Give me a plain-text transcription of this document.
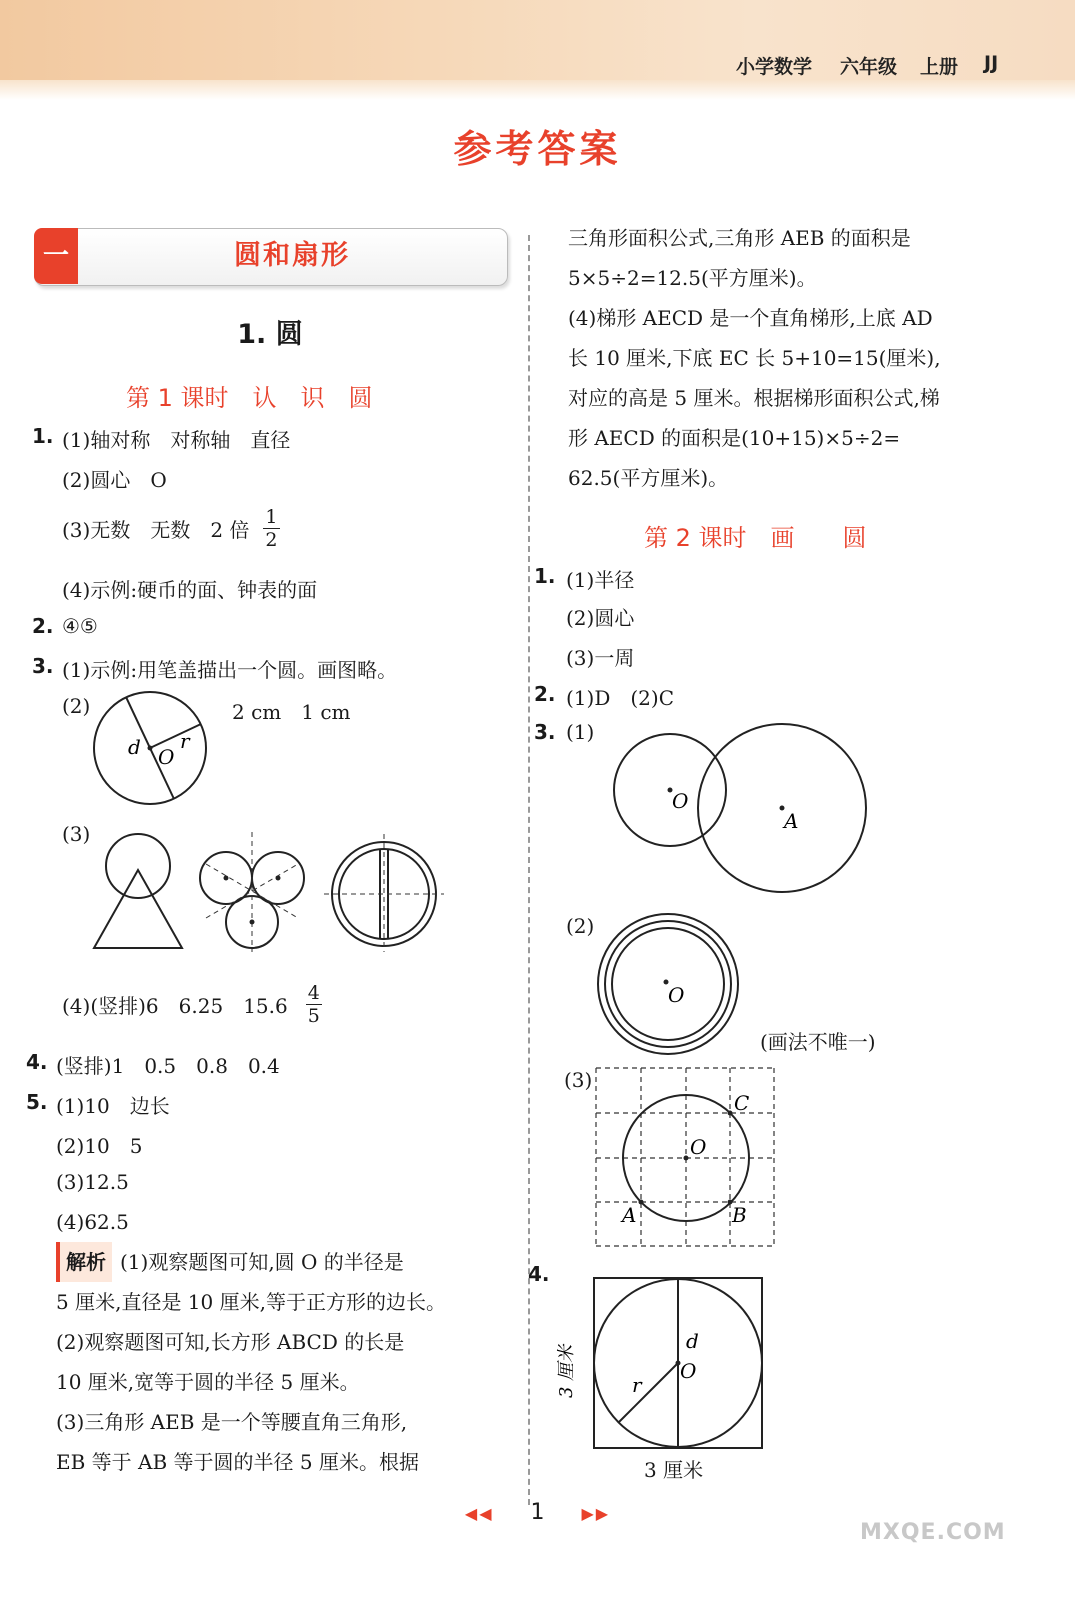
小学数学 六年级 上册 JJ
参考答案
一	圆和扇形
1. 圆
第 1 课时　认　识　圆
1. (1)轴对称　对称轴　直径
(2)圆心　O
(3)无数　无数　2 倍 $\frac{1}{2}$
(4)示例:硬币的面、钟表的面
2. ④⑤
3. (1)示例:用笔盖描出一个圆。画图略。
(2)	2 cm　1 cm
d O
r
(3)
(4)(竖排)6　6.25　$15.6 \frac{4}{5}$
4. (竖排)1　0.5　0.8　0.4
5. (1)10　边长
(2)10　5
(3)12.5
(4)62.5
解析 (1)观察题图可知,圆 O 的半径是
5 厘米,直径是 10 厘米,等于正方形的边长。
(2)观察题图可知,长方形 ABCD 的长是
10 厘米,宽等于圆的半径 5 厘米。
(3)三角形 AEB 是一个等腰直角三角形,
EB 等于 AB 等于圆的半径 5 厘米。根据
三角形面积公式,三角形 AEB 的面积是
5×5÷2=12.5(平方厘米)。
(4)梯形 AECD 是一个直角梯形,上底 AD
长 10 厘米,下底 EC 长 5+10=15(厘米),
对应的高是 5 厘米。根据梯形面积公式,梯
形 AECD 的面积是(10+15)×5÷2=
62.5(平方厘米)。
第 2 课时　画　　圆
1. (1)半径
(2)圆心
(3)一周
2. (1)D　(2)C
3. (1)
O
A
(2)
O
(画法不唯一)
(3)
O
C
A	B
4.
d
O
r
3 厘米
3 厘米
◀◀ 1 ▶▶
MXQE.COM
